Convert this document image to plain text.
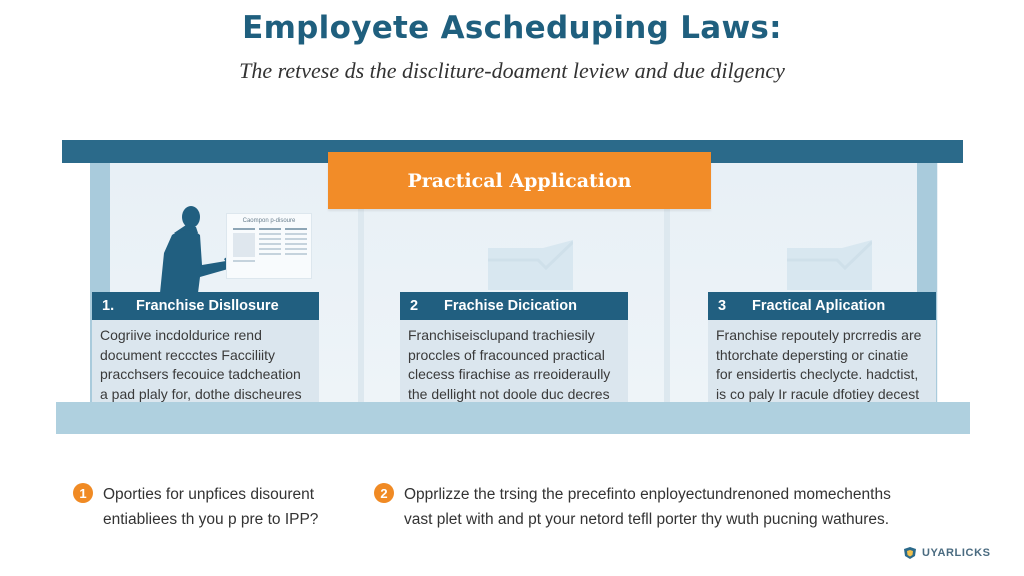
Employete Ascheduping Laws:
The retvese ds the discliture-doament leview and due dilgency
Practical Application
Caompon p-disoure
1.	Franchise Disllosure
Cogriive incdoldurice rend
document reccctes Facciliity
pracchsers fecouice tadcheation
a pad plaly for, dothe discheures
2	Frachise Dicication
Franchiseisclupand trachiesily
proccles of fracounced practical
clecess firachise as rreoideraully
the dellight not doole duc decres
3	Fractical Aplication
Franchise repoutely prcrredis are
thtorchate depersting or cinatie
for ensidertis checlycte. hadctist,
is co paly Ir racule dfotiey decest
1	Oporties for unpfices disourent
entiabliees th you p pre to IPP?
2	Opprlizze the trsing the precefinto enployectundrenoned momechenths
vast plet with and pt your netord tefll porter thy wuth pucning wathures.
UYARLICKS
